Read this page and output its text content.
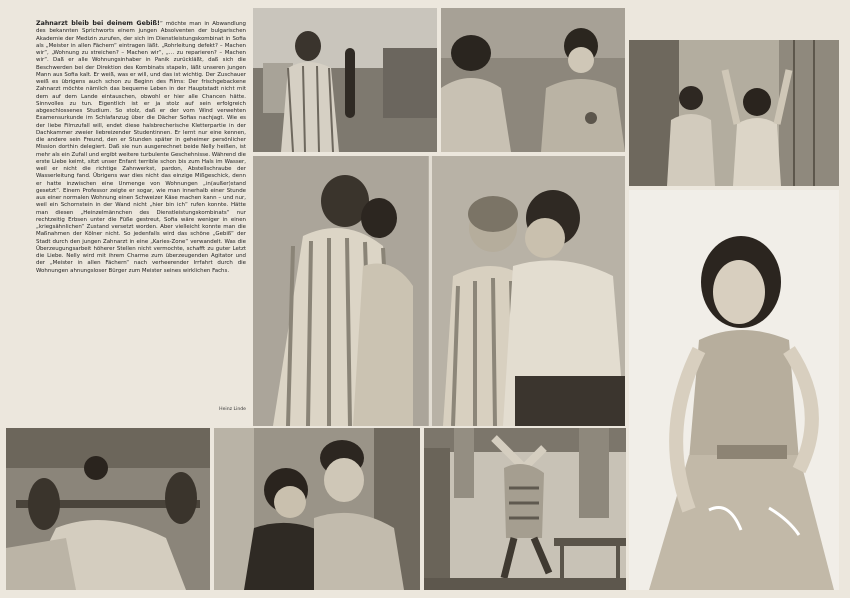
Zahnarzt bleib bei deinem Gebiß!“ möchte man in Abwandlung des bekannten Sprichworts einem jungen Absolventen der bulgarischen Akademie der Medizin zurufen, der sich im Dienstleistungskombinat in Sofia als „Meister in allen Fächern“ eintragen läßt. „Rohrleitung defekt? – Machen wir“, „Wohnung zu streichen? – Machen wir“, „… zu reparieren? – Machen wir“. Daß er alle Wohnungsinhaber in Panik zurückläßt, daß sich die Beschwerden bei der Direktion des Kombinats stapeln, läßt unseren jungen Mann aus Sofia kalt. Er weiß, was er will, und das ist wichtig. Der Zuschauer weiß es übrigens auch schon zu Beginn des Films: Der frischgebackene Zahnarzt möchte nämlich das bequeme Leben in der Hauptstadt nicht mit dem auf dem Lande eintauschen, obwohl er hier alle Chancen hätte. Sinnvolles zu tun. Eigentlich ist er ja stolz auf sein erfolgreich abgeschlossenes Studium. So stolz, daß er der vom Wind verwehten Examensurkunde im Schlafanzug über die Dächer Sofias nachjagt. Wie es der liebe Filmzufall will, endet diese halsbrecherische Kletterpartie in der Dachkammer zweier liebreizender Studentinnen. Er lernt nur eine kennen, die andere sein Freund, den er Stunden später in geheimer persönlicher Mission dorthin delegiert. Daß sie nun ausgerechnet beide Nelly heißen, ist mehr als ein Zufall und ergibt weitere turbulente Geschehnisse. Während die erste Liebe keimt, sitzt unser Enfant terrible schon bis zum Hals im Wasser, weil er nicht die richtige Zahnwerkst, pardon, Abstellschraube der Wasserleitung fand. Übrigens war dies nicht das einzige Mißgeschick, denn er hatte inzwischen eine Unmenge von Wohnungen „in(außer)stand gesetzt“. Einem Professor zeigte er sogar, wie man innerhalb einer Stunde aus einer normalen Wohnung einen Schweizer Käse machen kann – und nur, weil ein Schornstein in der Wand nicht „hier bin ich“ rufen konnte. Hätte man diesen „Heinzelmännchen des Dienstleistungskombinats“ nur rechtzeitig Erbsen unter die Füße gestreut, Sofia wäre weniger in einen „kriegsähnlichen“ Zustand versetzt worden. Aber vielleicht konnte man die Maßnahmen der Kölner nicht. So jedenfalls wird das schöne „Gebiß“ der Stadt durch den jungen Zahnarzt in eine „Karies-Zone“ verwandelt. Was die Überzeugungsarbeit höherer Stellen nicht vermochte, schafft zu guter Letzt die Liebe. Nelly wird mit ihrem Charme zum überzeugenden Agitator und der „Meister in allen Fächern“ nach verheerender Irrfahrt durch die Wohnungen ahnungsloser Bürger zum Meister seines wirklichen Fachs.
Heinz Linde
